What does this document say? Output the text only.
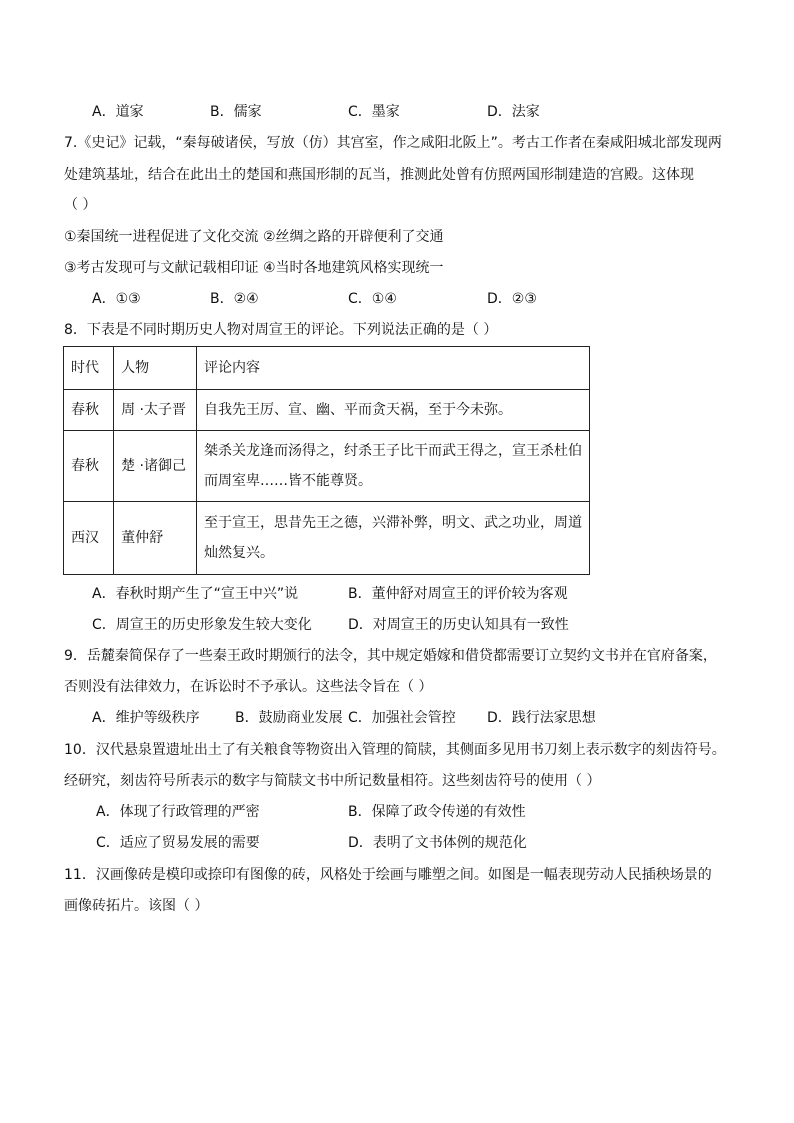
A．道家	B．儒家	C．墨家	D．法家
7.《史记》记载，“秦每破诸侯，写放（仿）其宫室，作之咸阳北阪上”。考古工作者在秦咸阳城北部发现两
处建筑基址，结合在此出土的楚国和燕国形制的瓦当，推测此处曾有仿照两国形制建造的宫殿。这体现
（ ）
①秦国统一进程促进了文化交流 ②丝绸之路的开辟便利了交通
③考古发现可与文献记载相印证 ④当时各地建筑风格实现统一
A．①③	B．②④	C．①④	D．②③
8．下表是不同时期历史人物对周宣王的评论。下列说法正确的是（ ）
时代	人物	评论内容
春秋	周 ·太子晋	自我先王厉、宣、幽、平而贪天祸，至于今未弥。
春秋	楚 ·诸御己	桀杀关龙逢而汤得之，纣杀王子比干而武王得之，宣王杀杜伯
而周室卑……皆不能尊贤。

西汉	董仲舒	至于宣王，思昔先王之德，兴滞补弊，明文、武之功业，周道
灿然复兴。
A．春秋时期产生了“宣王中兴”说	B．董仲舒对周宣王的评价较为客观
C．周宣王的历史形象发生较大变化	D．对周宣王的历史认知具有一致性
9．岳麓秦简保存了一些秦王政时期颁行的法令，其中规定婚嫁和借贷都需要订立契约文书并在官府备案，
否则没有法律效力，在诉讼时不予承认。这些法令旨在（ ）
A．维护等级秩序	B．鼓励商业发展 C．加强社会管控 D．践行法家思想
10．汉代悬泉置遗址出土了有关粮食等物资出入管理的简牍，其侧面多见用书刀刻上表示数字的刻齿符号。
经研究，刻齿符号所表示的数字与简牍文书中所记数量相符。这些刻齿符号的使用（ ）
A．体现了行政管理的严密	B．保障了政令传递的有效性
C．适应了贸易发展的需要	D．表明了文书体例的规范化
11．汉画像砖是模印或捺印有图像的砖，风格处于绘画与雕塑之间。如图是一幅表现劳动人民插秧场景的
画像砖拓片。该图（ ）
